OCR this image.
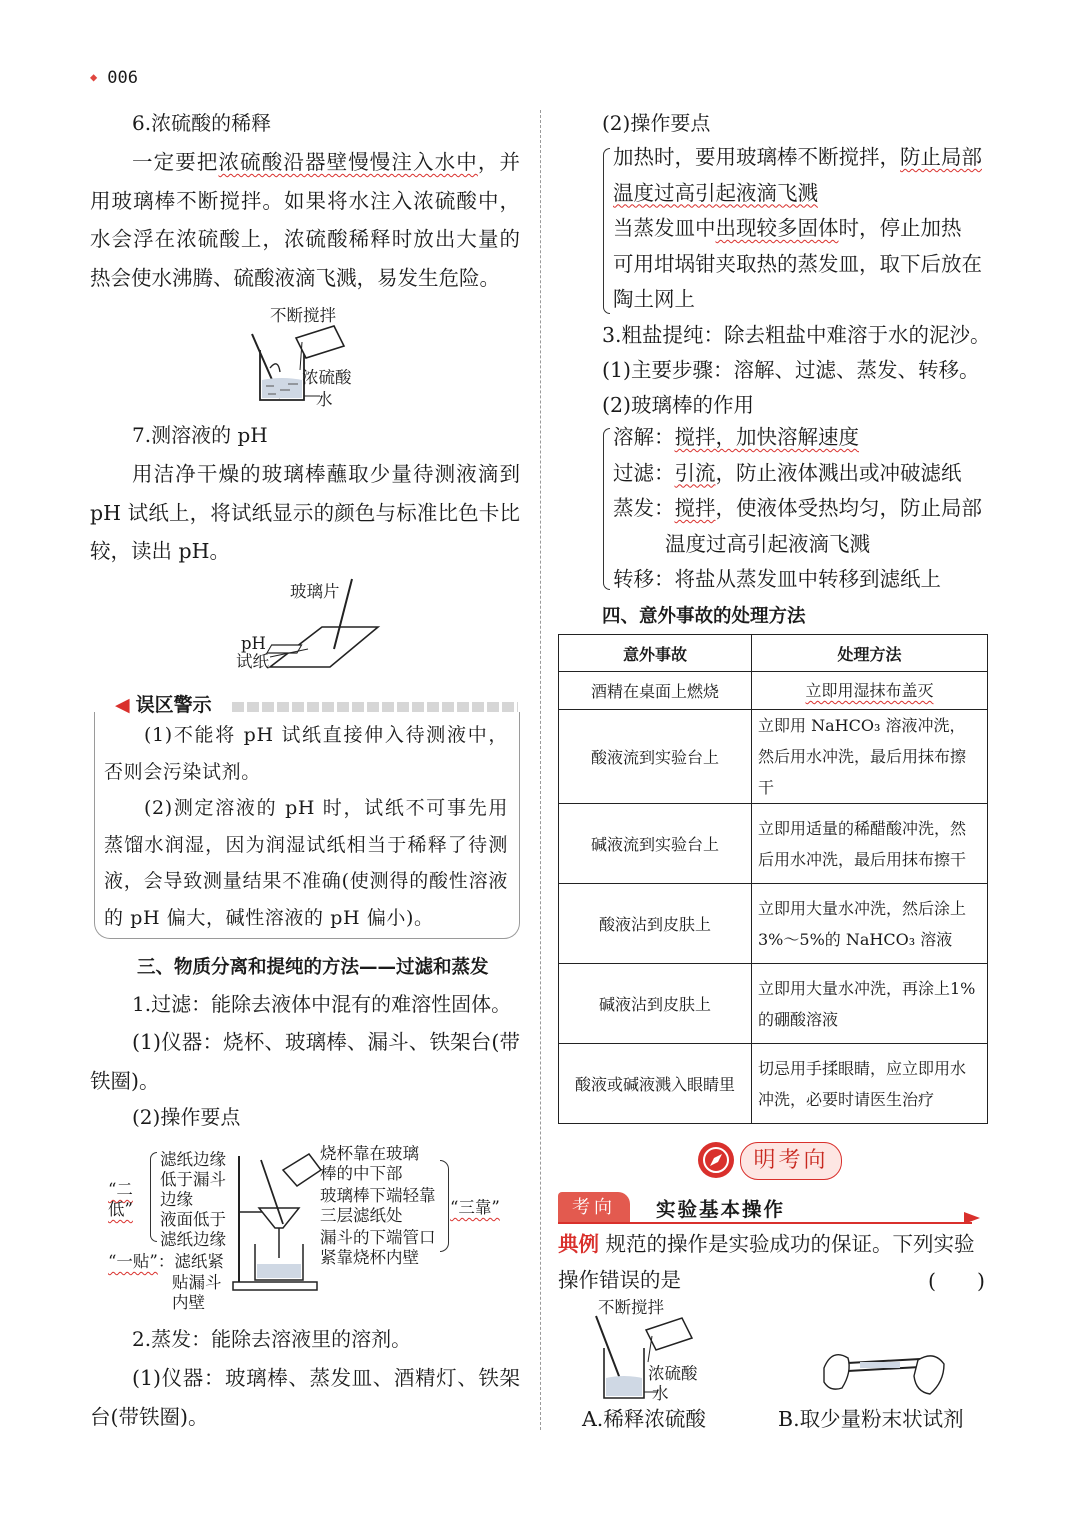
◆ 006
6.浓硫酸的稀释
一定要把浓硫酸沿器壁慢慢注入水中，并用玻璃棒不断搅拌。如果将水注入浓硫酸中，水会浮在浓硫酸上，浓硫酸稀释时放出大量的热会使水沸腾、硫酸液滴飞溅，易发生危险。
不断搅拌
浓硫酸
水
7.测溶液的 pH
用洁净干燥的玻璃棒蘸取少量待测液滴到 pH 试纸上，将试纸显示的颜色与标准比色卡比较，读出 pH。
玻璃片
pH
试纸
◀ 误区警示
(1)不能将 pH 试纸直接伸入待测液中，否则会污染试剂。
(2)测定溶液的 pH 时，试纸不可事先用蒸馏水润湿，因为润湿试纸相当于稀释了待测液，会导致测量结果不准确(使测得的酸性溶液的 pH 偏大，碱性溶液的 pH 偏小)。
三、物质分离和提纯的方法——过滤和蒸发
1.过滤：能除去液体中混有的难溶性固体。
(1)仪器：烧杯、玻璃棒、漏斗、铁架台(带铁圈)。
(2)操作要点
“二
低”
滤纸边缘
低于漏斗
边缘
液面低于
滤纸边缘
“一贴”：滤纸紧
贴漏斗
内壁
烧杯靠在玻璃
棒的中下部
玻璃棒下端轻靠
三层滤纸处
漏斗的下端管口
紧靠烧杯内壁
“三靠”
2.蒸发：能除去溶液里的溶剂。
(1)仪器：玻璃棒、蒸发皿、酒精灯、铁架台(带铁圈)。
(2)操作要点
加热时，要用玻璃棒不断搅拌，防止局部温度过高引起液滴飞溅
当蒸发皿中出现较多固体时，停止加热
可用坩埚钳夹取热的蒸发皿，取下后放在陶土网上
3.粗盐提纯：除去粗盐中难溶于水的泥沙。
(1)主要步骤：溶解、过滤、蒸发、转移。
(2)玻璃棒的作用
溶解：搅拌，加快溶解速度
过滤：引流，防止液体溅出或冲破滤纸
蒸发：搅拌，使液体受热均匀，防止局部
温度过高引起液滴飞溅
转移：将盐从蒸发皿中转移到滤纸上
四、意外事故的处理方法
意外事故	处理方法
酒精在桌面上燃烧	立即用湿抹布盖灭
酸液流到实验台上	立即用 NaHCO₃ 溶液冲洗，然后用水冲洗，最后用抹布擦干
碱液流到实验台上	立即用适量的稀醋酸冲洗，然后用水冲洗，最后用抹布擦干
酸液沾到皮肤上	立即用大量水冲洗，然后涂上3%～5%的 NaHCO₃ 溶液
碱液沾到皮肤上	立即用大量水冲洗，再涂上1%的硼酸溶液
酸液或碱液溅入眼睛里	切忌用手揉眼睛，应立即用水冲洗，必要时请医生治疗
明考向
考向	实验基本操作
典例 规范的操作是实验成功的保证。下列实验操作错误的是	(　　)
不断搅拌
浓硫酸
水
A.稀释浓硫酸	B.取少量粉末状试剂
